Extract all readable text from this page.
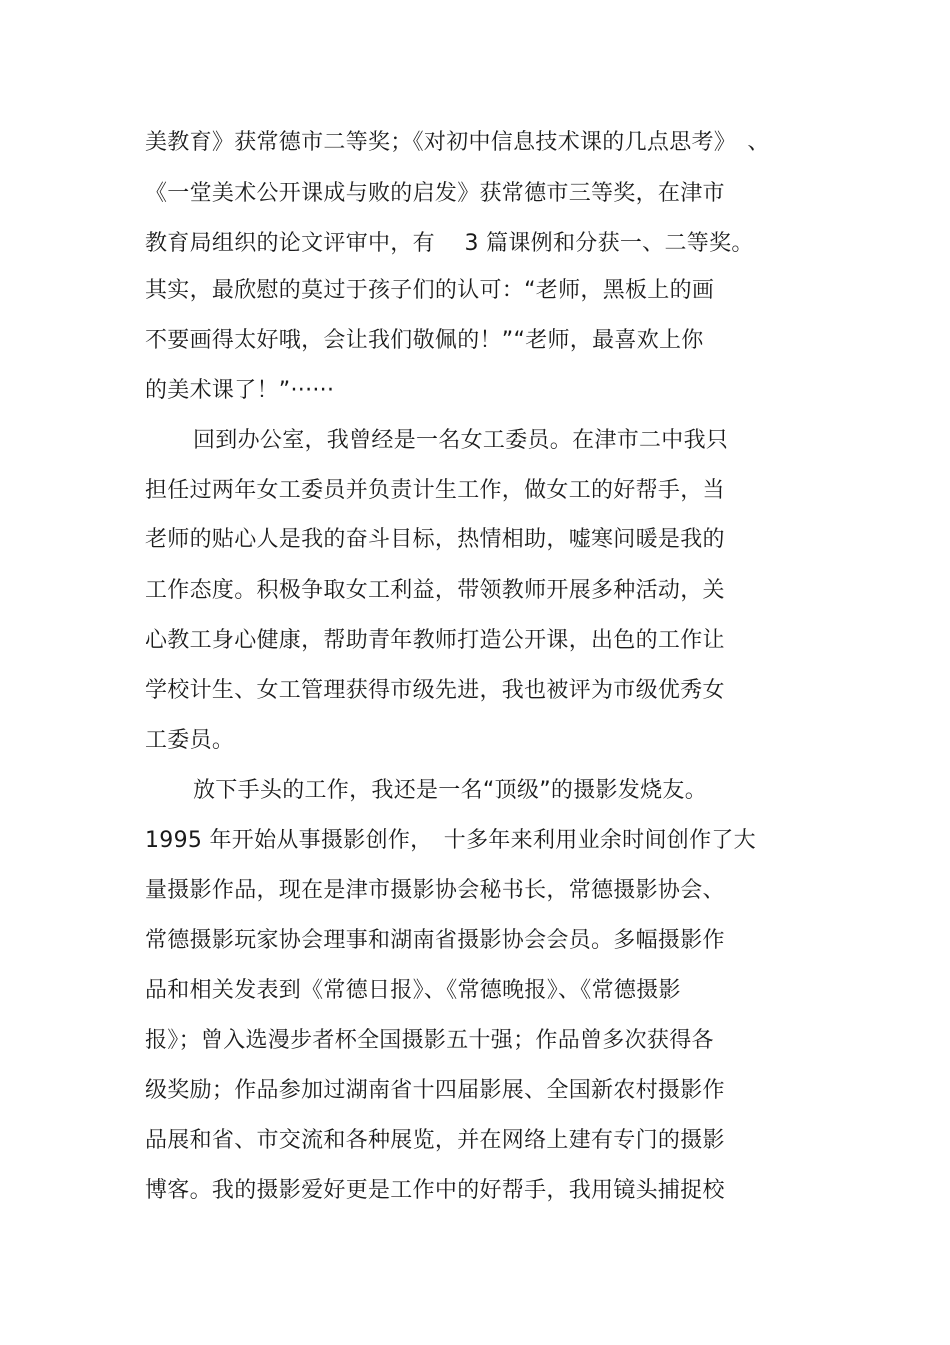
美教育》获常德市二等奖；《对初中信息技术课的几点思考》　、
《一堂美术公开课成与败的启发》获常德市三等奖，在津市
教育局组织的论文评审中，有　 3 篇课例和分获一、二等奖。
其实，最欣慰的莫过于孩子们的认可：“老师，黑板上的画
不要画得太好哦，会让我们敬佩的！”“老师，最喜欢上你
的美术课了！”······
回到办公室，我曾经是一名女工委员。在津市二中我只
担任过两年女工委员并负责计生工作，做女工的好帮手，当
老师的贴心人是我的奋斗目标，热情相助，嘘寒问暖是我的
工作态度。积极争取女工利益，带领教师开展多种活动，关
心教工身心健康，帮助青年教师打造公开课，出色的工作让
学校计生、女工管理获得市级先进，我也被评为市级优秀女
工委员。
放下手头的工作，我还是一名“顶级”的摄影发烧友。
1995 年开始从事摄影创作，　十多年来利用业余时间创作了大
量摄影作品，现在是津市摄影协会秘书长，常德摄影协会、
常德摄影玩家协会理事和湖南省摄影协会会员。多幅摄影作
品和相关发表到《常德日报》、《常德晚报》、《常德摄影
报》；曾入选漫步者杯全国摄影五十强；作品曾多次获得各
级奖励；作品参加过湖南省十四届影展、全国新农村摄影作
品展和省、市交流和各种展览，并在网络上建有专门的摄影
博客。我的摄影爱好更是工作中的好帮手，我用镜头捕捉校
